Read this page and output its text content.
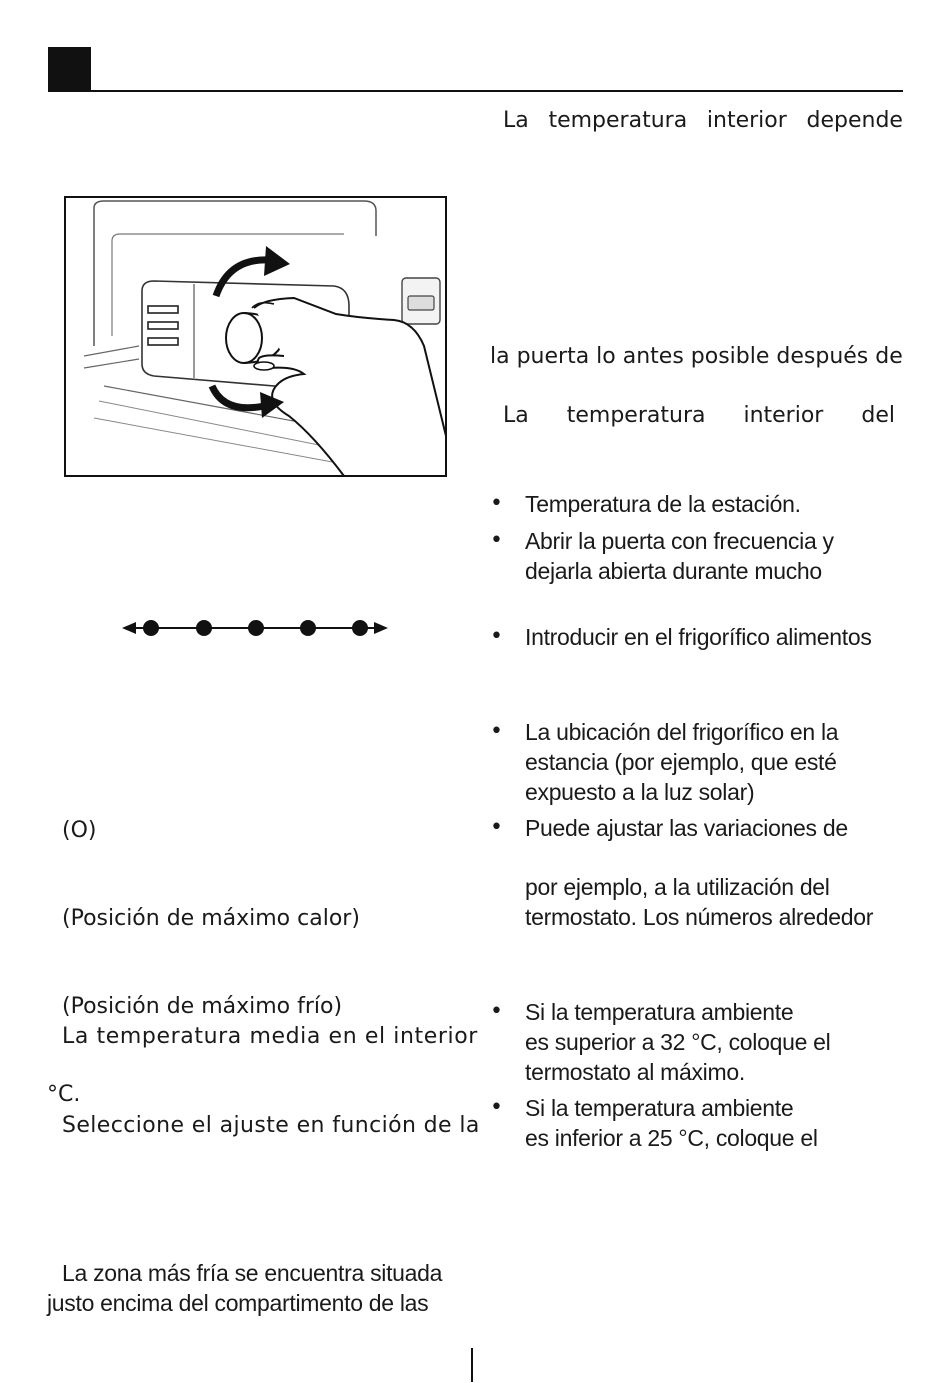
(O)
(Posición de máximo calor)
(Posición de máximo frío)
La temperatura media en el interior
°C.
Seleccione el ajuste en función de la
La zona más fría se encuentra situada
justo encima del compartimento de las
La temperatura interior depende
la puerta lo antes posible después de
La temperatura interior del
• Temperatura de la estación.
• Abrir la puerta con frecuencia y
dejarla abierta durante mucho
• Introducir en el frigorífico alimentos
• La ubicación del frigorífico en la
estancia (por ejemplo, que esté
expuesto a la luz solar)
• Puede ajustar las variaciones de
por ejemplo, a la utilización del
termostato. Los números alrededor
• Si la temperatura ambiente
es superior a 32 °C, coloque el
termostato al máximo.
• Si la temperatura ambiente
es inferior a 25 °C, coloque el
